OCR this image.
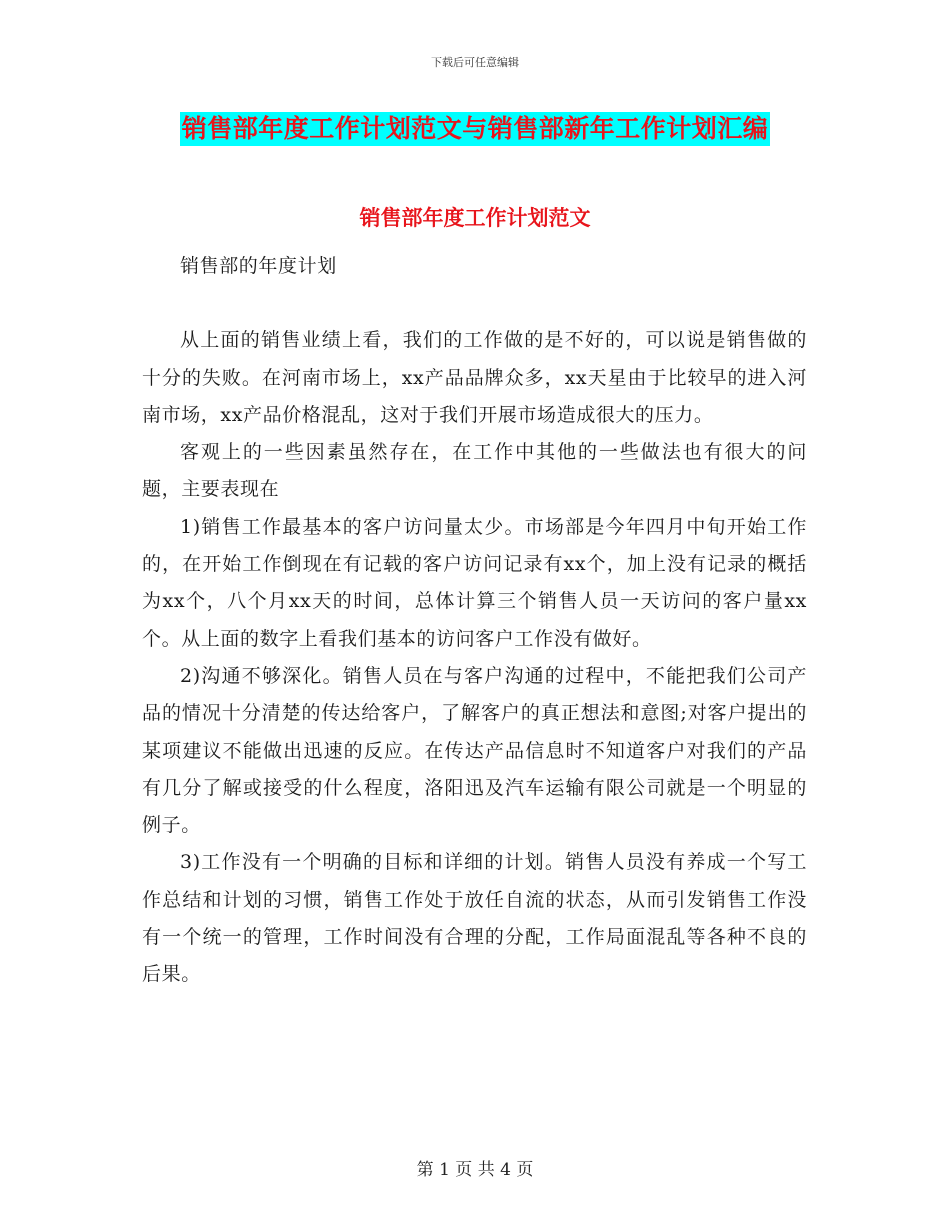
下载后可任意编辑
销售部年度工作计划范文与销售部新年工作计划汇编
销售部年度工作计划范文

销售部的年度计划

从上面的销售业绩上看，我们的工作做的是不好的，可以说是销售做的十分的失败。在河南市场上，xx产品品牌众多，xx天星由于比较早的进入河南市场，xx产品价格混乱，这对于我们开展市场造成很大的压力。

客观上的一些因素虽然存在，在工作中其他的一些做法也有很大的问题，主要表现在

1)销售工作最基本的客户访问量太少。市场部是今年四月中旬开始工作的，在开始工作倒现在有记载的客户访问记录有xx个，加上没有记录的概括为xx个，八个月xx天的时间，总体计算三个销售人员一天访问的客户量xx个。从上面的数字上看我们基本的访问客户工作没有做好。

2)沟通不够深化。销售人员在与客户沟通的过程中，不能把我们公司产品的情况十分清楚的传达给客户，了解客户的真正想法和意图;对客户提出的某项建议不能做出迅速的反应。在传达产品信息时不知道客户对我们的产品有几分了解或接受的什么程度，洛阳迅及汽车运输有限公司就是一个明显的例子。

3)工作没有一个明确的目标和详细的计划。销售人员没有养成一个写工作总结和计划的习惯，销售工作处于放任自流的状态，从而引发销售工作没有一个统一的管理，工作时间没有合理的分配，工作局面混乱等各种不良的后果。

第 1 页 共 4 页
